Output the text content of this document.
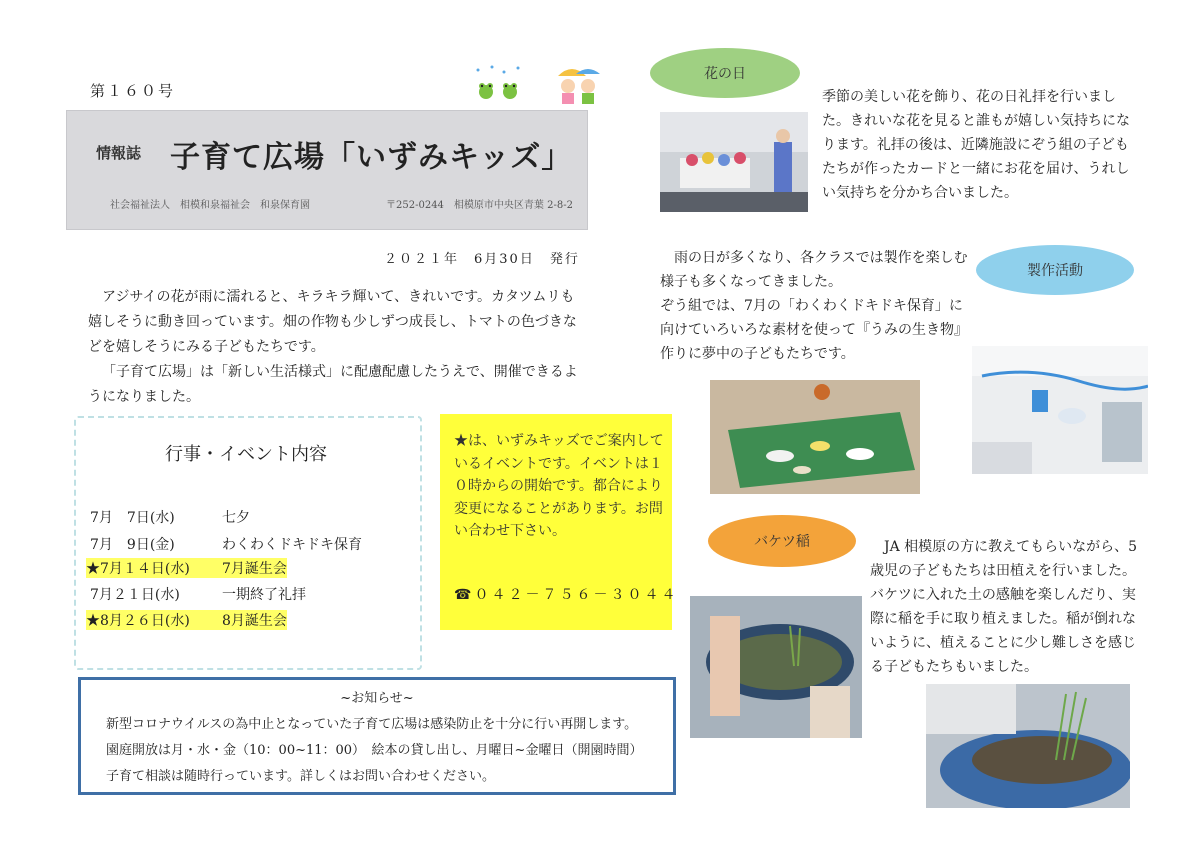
第１６０号
情報誌 子育て広場「いずみキッズ」
社会福祉法人　相模和泉福祉会　和泉保育園	〒252-0244　相模原市中央区青葉 2-8-2
２０２１年　6月30日　発行

アジサイの花が雨に濡れると、キラキラ輝いて、きれいです。カタツムリも嬉しそうに動き回っています。畑の作物も少しずつ成長し、トマトの色づきなどを嬉しそうにみる子どもたちです。

「子育て広場」は「新しい生活様式」に配慮配慮したうえで、開催できるようになりました。

行事・イベント内容
7月　7日(水)	七夕
7月　9日(金)	わくわくドキドキ保育
★7月１４日(水) 7月誕生会
7月２１日(水)	一期終了礼拝
★8月２６日(水) 8月誕生会
★は、いずみキッズでご案内しているイベントです。イベントは１０時からの開始です。都合により変更になることがあります。お問い合わせ下さい。
☎０４２－７５６－３０４４
~お知らせ~
新型コロナウイルスの為中止となっていた子育て広場は感染防止を十分に行い再開します。
園庭開放は月・水・金（10：00~11：00）　絵本の貸し出し、月曜日~金曜日（開園時間）
子育て相談は随時行っています。詳しくはお問い合わせください。
花の日
季節の美しい花を飾り、花の日礼拝を行いました。きれいな花を見ると誰もが嬉しい気持ちになります。礼拝の後は、近隣施設にぞう組の子どもたちが作ったカードと一緒にお花を届け、うれしい気持ちを分かち合いました。
製作活動
雨の日が多くなり、各クラスでは製作を楽しむ様子も多くなってきました。
ぞう組では、7月の「わくわくドキドキ保育」に向けていろいろな素材を使って『うみの生き物』作りに夢中の子どもたちです。
バケツ稲	JA 相模原の方に教えてもらいながら、5 歳児の子どもたちは田植えを行いました。バケツに入れた土の感触を楽しんだり、実際に稲を手に取り植えました。稲が倒れないように、植えることに少し難しさを感じる子どもたちもいました。
